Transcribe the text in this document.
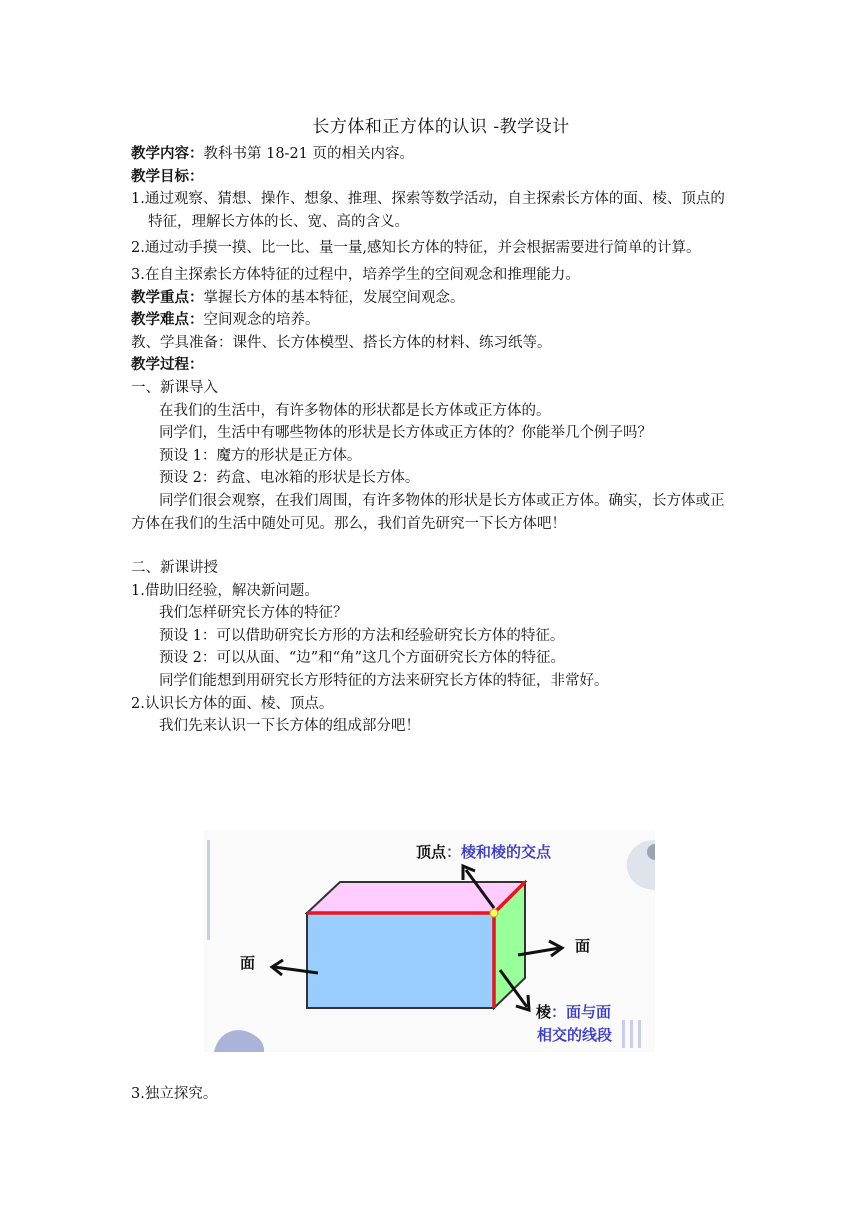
长方体和正方体的认识 -教学设计
教学内容：教科书第 18-21 页的相关内容。
教学目标：
1.通过观察、猜想、操作、想象、推理、探索等数学活动，自主探索长方体的面、棱、顶点的特征，理解长方体的长、宽、高的含义。
2.通过动手摸一摸、比一比、量一量,感知长方体的特征，并会根据需要进行简单的计算。
3.在自主探索长方体特征的过程中，培养学生的空间观念和推理能力。
教学重点：掌握长方体的基本特征，发展空间观念。
教学难点：空间观念的培养。
教、学具准备：课件、长方体模型、搭长方体的材料、练习纸等。
教学过程：
一、新课导入
在我们的生活中，有许多物体的形状都是长方体或正方体的。
同学们，生活中有哪些物体的形状是长方体或正方体的？你能举几个例子吗？
预设 1：魔方的形状是正方体。
预设 2：药盒、电冰箱的形状是长方体。
同学们很会观察，在我们周围，有许多物体的形状是长方体或正方体。确实，长方体或正方体在我们的生活中随处可见。那么，我们首先研究一下长方体吧！
二、新课讲授
1.借助旧经验，解决新问题。
我们怎样研究长方体的特征？
预设 1：可以借助研究长方形的方法和经验研究长方体的特征。
预设 2：可以从面、“边”和“角”这几个方面研究长方体的特征。
同学们能想到用研究长方形特征的方法来研究长方体的特征，非常好。
2.认识长方体的面、棱、顶点。
我们先来认识一下长方体的组成部分吧！
顶点：棱和棱的交点
面
面
棱：面与面
相交的线段
3.独立探究。
